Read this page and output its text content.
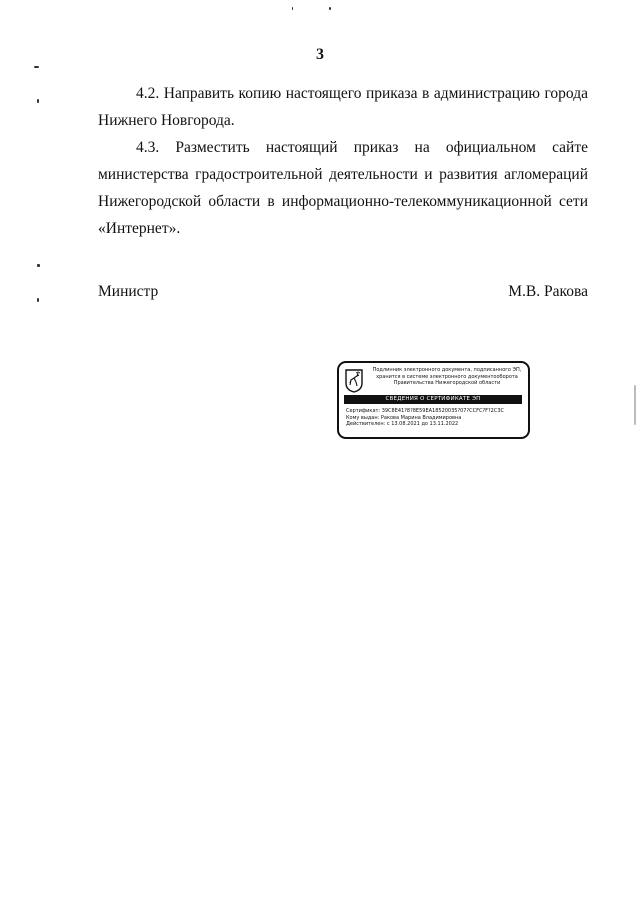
3

4.2. Направить копию настоящего приказа в администрацию города Нижнего Новгорода.

4.3. Разместить настоящий приказ на официальном сайте министерства градостроительной деятельности и развития агломераций Нижегородской области в информационно-телекоммуникационной сети «Интернет».

Министр	М.В. Ракова
Подлинник электронного документа, подписанного ЭП,
хранится в системе электронного документооборота
Правительства Нижегородской области
СВЕДЕНИЯ О СЕРТИФИКАТЕ ЭП
Сертификат: 39C8E41?8?8E59EA18520035?07?CCFC?F?2C3C
Кому выдан: Ракова Марина Владимировна
Действителен: с 13.08.2021 до 13.11.2022
